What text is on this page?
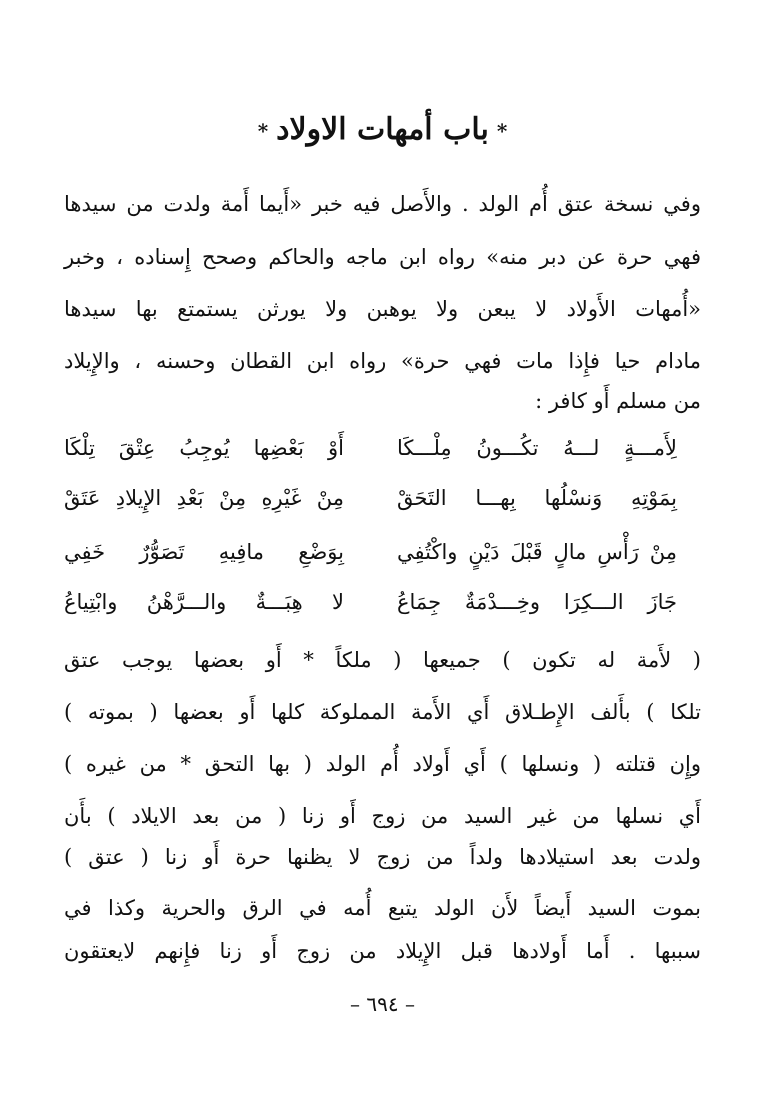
*باب أمهات الاولاد*
وفي نسخة عتق أُم الولد . والأَصل فيه خبر «أَيما أَمة ولدت من سيدها
فهي حرة عن دبر منه» رواه ابن ماجه والحاكم وصحح إِسناده ، وخبر
«أُمهات الأَولاد لا يبعن ولا يوهبن ولا يورثن يستمتع بها سيدها
مادام حيا فإِذا مات فهي حرة» رواه ابن القطان وحسنه ، والإِيلاد
من مسلم أَو كافر :
لِأَمـــةٍ لـــهُ تكُـــونُ مِلْـــكَا
أَوْ بَعْضِها يُوجِبُ عِتْقَ تِلْكَا
بِمَوْتِهِ وَنسْلُها بِهـــا التَحَقْ
مِنْ غَيْرِهِ مِنْ بَعْدِ الإِيلادِ عَتَقْ
مِنْ رَأْسِ مالٍ قَبْلَ دَيْنٍ واكْتُفِي
بِوَضْعِ مافِيهِ تَصَوُّرٌ خَفِي
جَازَ الـــكِرَا وخِـــدْمَةٌ جِمَاعُ
لا هِبَـــةٌ والـــرَّهْنُ وابْتِياعُ
( لأَمة له تكون ) جميعها ( ملكاً * أَو بعضها يوجب عتق
تلكا ) بأَلف الإِطـلاق أَي الأَمة المملوكة كلها أَو بعضها ( بموته )
وإِن قتلته ( ونسلها ) أَي أَولاد أُم الولد ( بها التحق * من غيره )
أَي نسلها من غير السيد من زوج أَو زنا ( من بعد الايلاد ) بأَن
ولدت بعد استيلادها ولداً من زوج لا يظنها حرة أَو زنا ( عتق )
بموت السيد أَيضاً لأَن الولد يتبع أُمه في الرق والحرية وكذا في
سببها . أَما أَولادها قبل الإِيلاد من زوج أَو زنا فإِنهم لايعتقون
– ٦٩٤ –
